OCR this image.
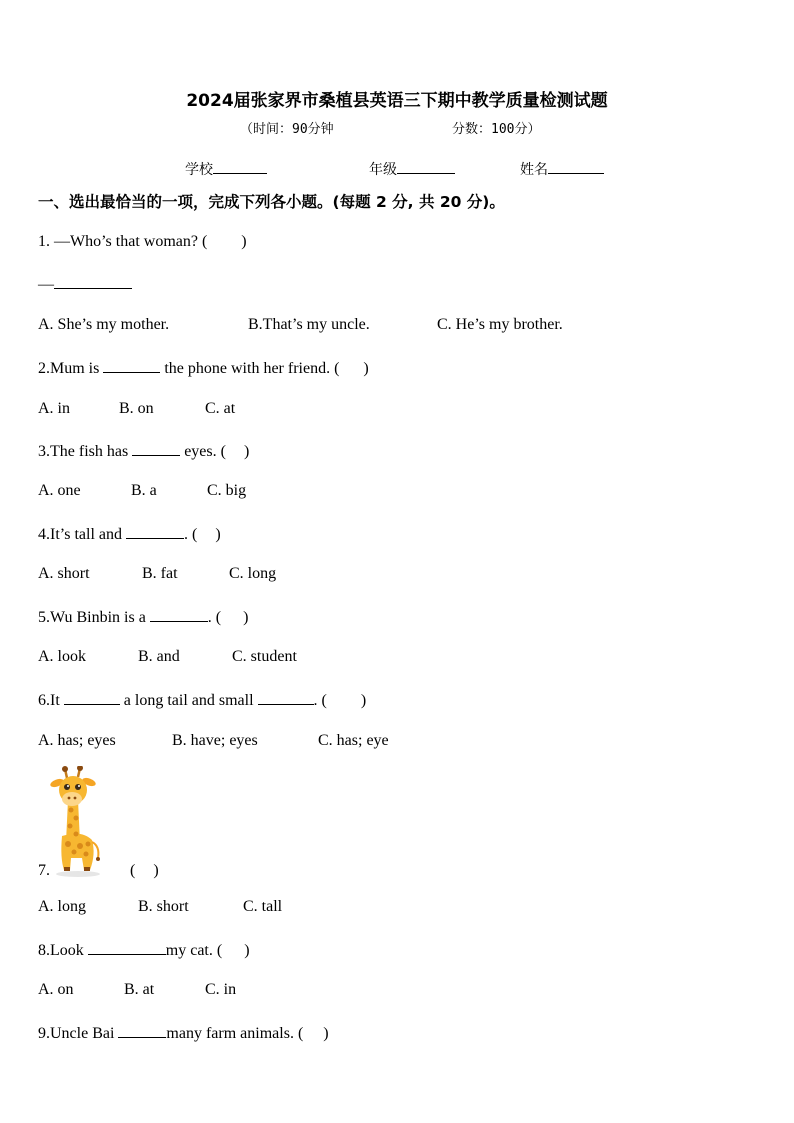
2024届张家界市桑植县英语三下期中教学质量检测试题
（时间：90分钟	分数：100分）
学校	年级	姓名
一、选出最恰当的一项，完成下列各小题。(每题 2 分, 共 20 分)。
1. —Who’s that woman? ( )
—
A. She’s my mother.	B.That’s my uncle.	C. He’s my brother.
2.Mum is	the phone with her friend. ( )
A. in	B. on	C. at
3.The fish has	eyes. ( )
A. one	B. a	C. big
4.It’s tall and	. ( )
A. short	B. fat	C. long
5.Wu Binbin is a	. ( )
A. look	B. and	C. student
6.It	a long tail and small	. ( )
A. has; eyes	B. have; eyes	C. has; eye
7.	( )
A. long	B. short	C. tall
8.Look	my cat. ( )
A. on	B. at	C. in
9.Uncle Bai	many farm animals. ( )
